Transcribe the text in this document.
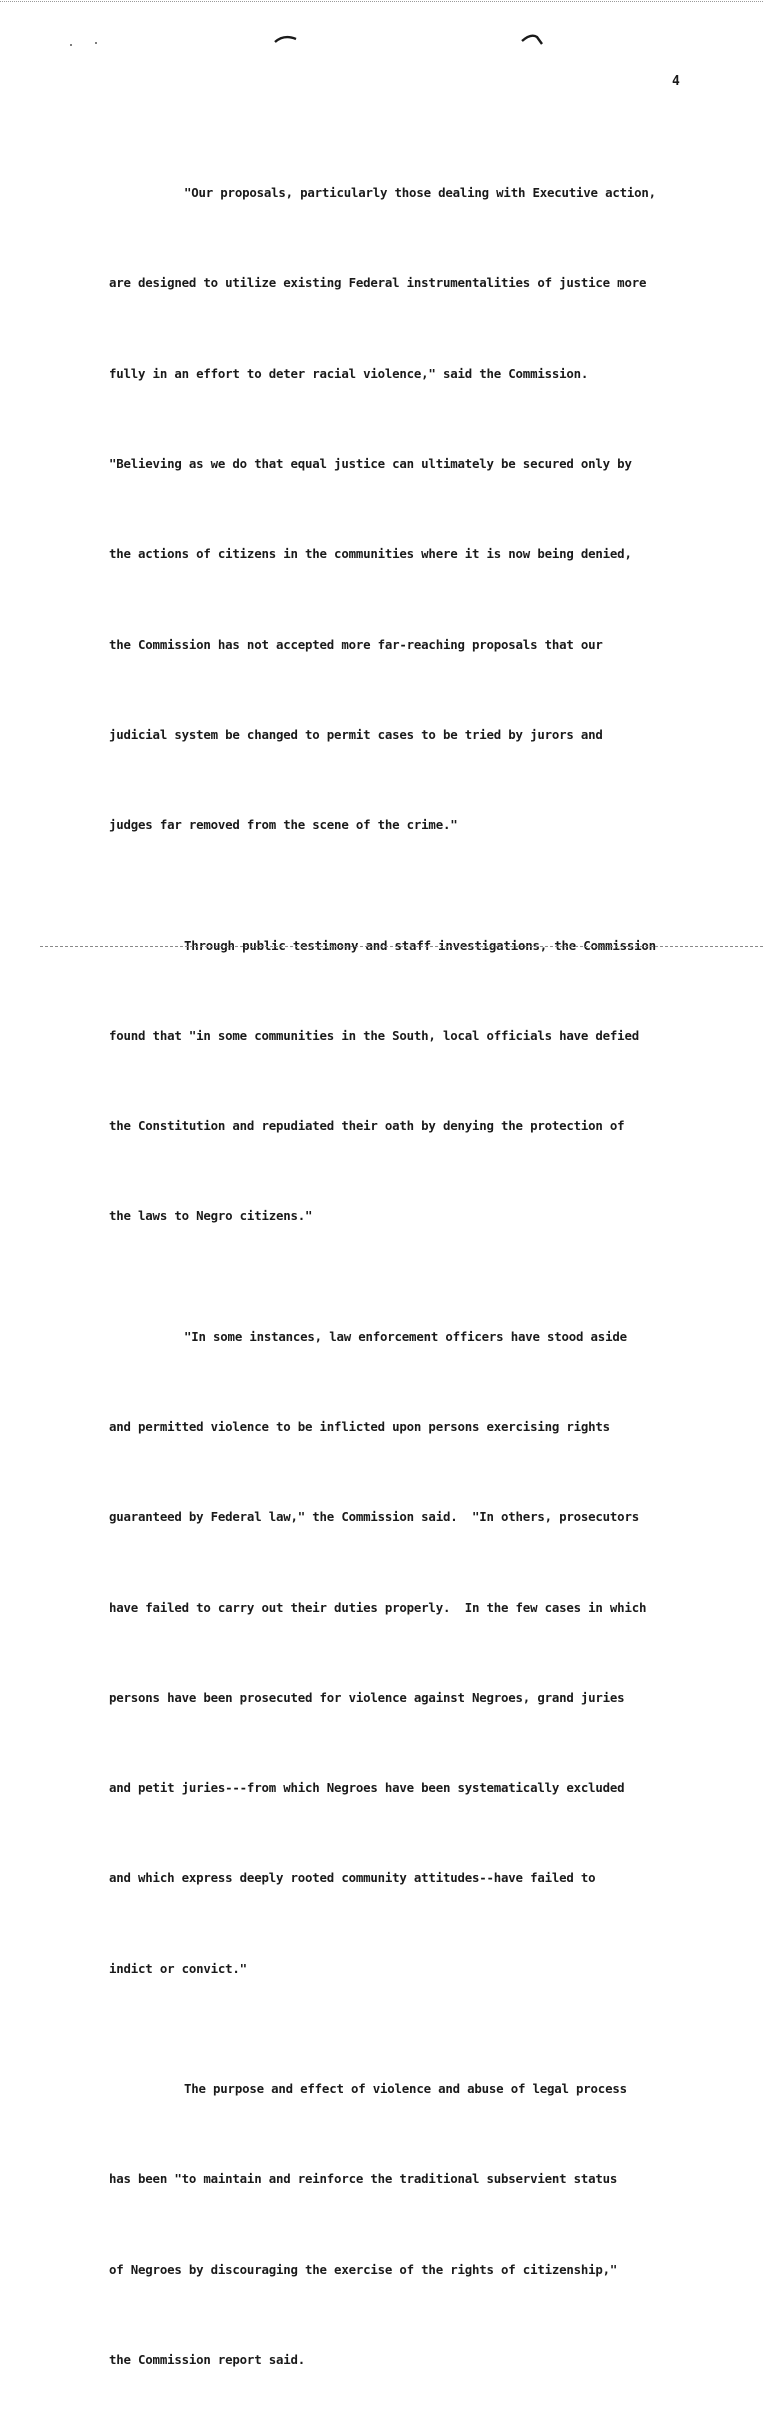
4

"Our proposals, particularly those dealing with Executive action,

are designed to utilize existing Federal instrumentalities of justice more

fully in an effort to deter racial violence," said the Commission.

"Believing as we do that equal justice can ultimately be secured only by

the actions of citizens in the communities where it is now being denied,

the Commission has not accepted more far-reaching proposals that our

judicial system be changed to permit cases to be tried by jurors and

judges far removed from the scene of the crime."

Through public testimony and staff investigations, the Commission

found that "in some communities in the South, local officials have defied

the Constitution and repudiated their oath by denying the protection of

the laws to Negro citizens."

"In some instances, law enforcement officers have stood aside

and permitted violence to be inflicted upon persons exercising rights

guaranteed by Federal law," the Commission said.  "In others, prosecutors

have failed to carry out their duties properly.  In the few cases in which

persons have been prosecuted for violence against Negroes, grand juries

and petit juries---from which Negroes have been systematically excluded

and which express deeply rooted community attitudes--have failed to

indict or convict."

The purpose and effect of violence and abuse of legal process

has been "to maintain and reinforce the traditional subservient status

of Negroes by discouraging the exercise of the rights of citizenship,"

the Commission report said.
